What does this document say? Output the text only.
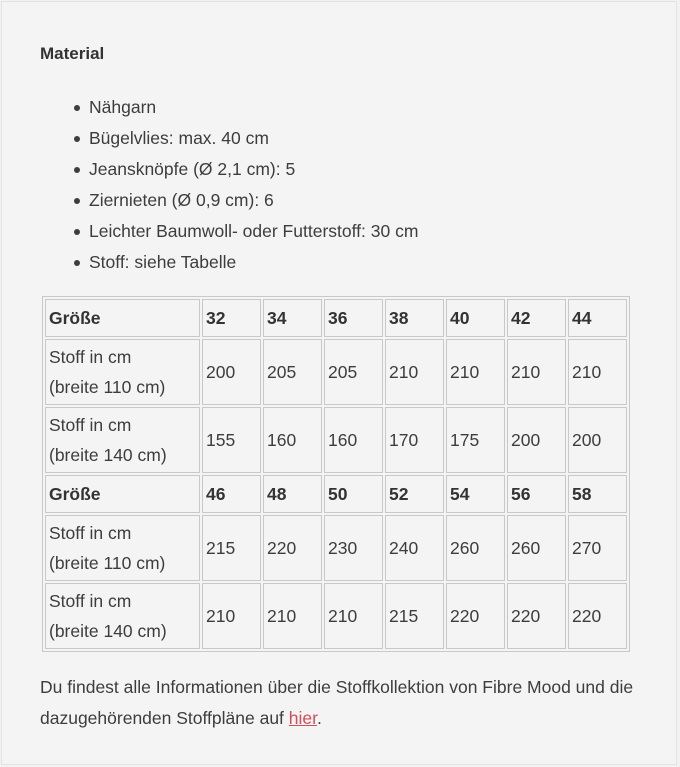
Material
Nähgarn
Bügelvlies: max. 40 cm
Jeansknöpfe (Ø 2,1 cm): 5
Ziernieten (Ø 0,9 cm): 6
Leichter Baumwoll- oder Futterstoff: 30 cm
Stoff: siehe Tabelle
Größe	32	34	36	38	40	42	44
Stoff in cm
(breite 110 cm)	200	205	205	210	210	210	210
Stoff in cm
(breite 140 cm)	155	160	160	170	175	200	200
Größe	46	48	50	52	54	56	58
Stoff in cm
(breite 110 cm)	215	220	230	240	260	260	270
Stoff in cm
(breite 140 cm)	210	210	210	215	220	220	220
Du findest alle Informationen über die Stoffkollektion von Fibre Mood und die dazugehörenden Stoffpläne auf hier.
